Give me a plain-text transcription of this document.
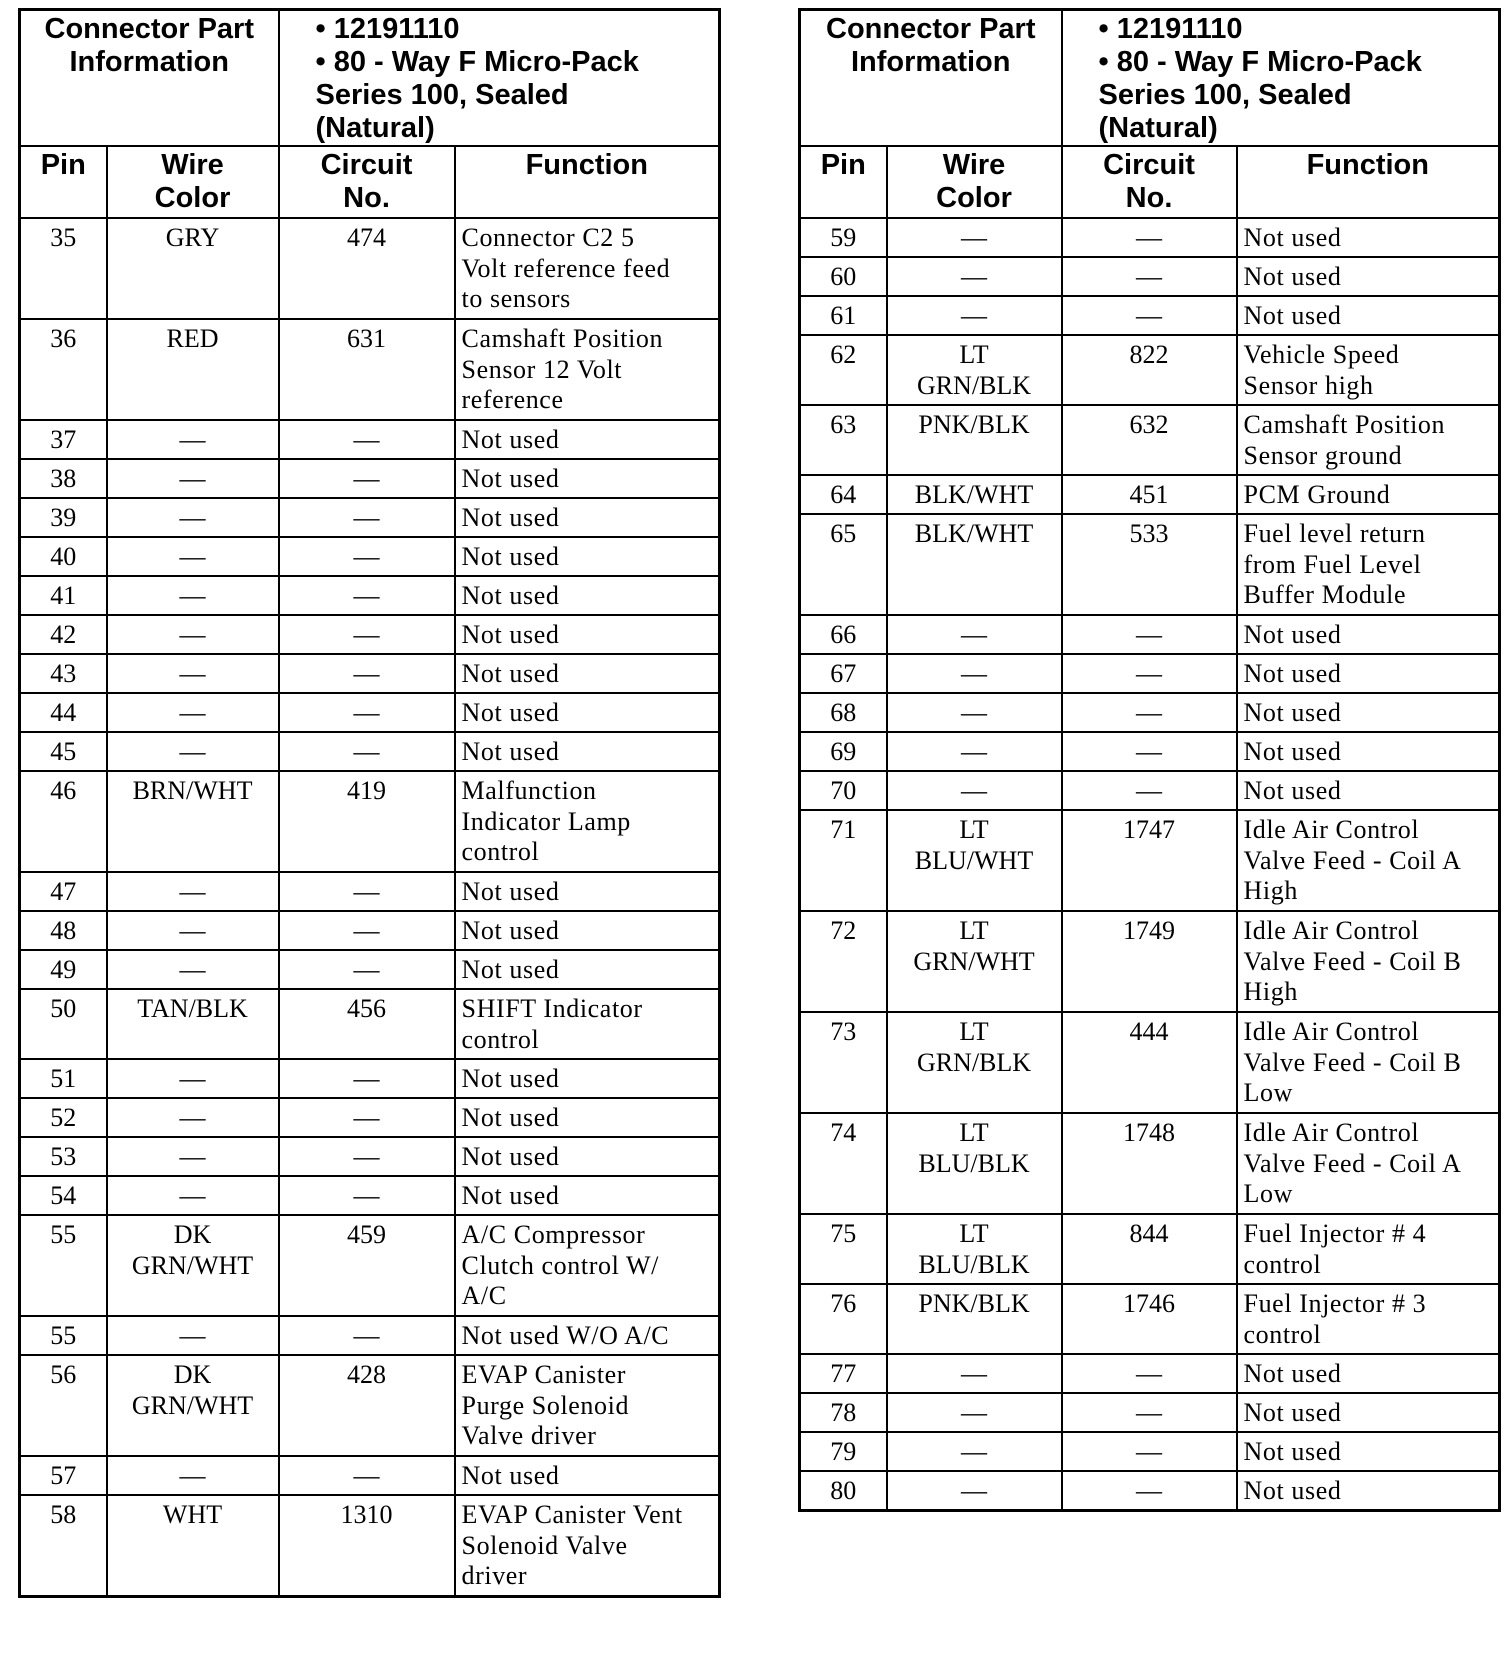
Connector Part
Information		• 12191110
• 80 - Way F Micro-Pack
Series 100, Sealed
(Natural)	

Pin	Wire
Color	Circuit
No.	Function

35	GRY	474	Connector C2 5
Volt reference feed
to sensors

36	RED	631	Camshaft Position
Sensor 12 Volt
reference

37	—	—	Not used

38	—	—	Not used

39	—	—	Not used

40	—	—	Not used

41	—	—	Not used

42	—	—	Not used

43	—	—	Not used

44	—	—	Not used

45	—	—	Not used

46	BRN/WHT	419	Malfunction
Indicator Lamp
control

47	—	—	Not used

48	—	—	Not used

49	—	—	Not used

50	TAN/BLK	456	SHIFT Indicator
control

51	—	—	Not used

52	—	—	Not used

53	—	—	Not used

54	—	—	Not used

55	DK
GRN/WHT	459	A/C Compressor
Clutch control W/
A/C

55	—	—	Not used W/O A/C

56	DK
GRN/WHT	428	EVAP Canister
Purge Solenoid
Valve driver

57	—	—	Not used

58	WHT	1310	EVAP Canister Vent
Solenoid Valve
driver
Connector Part
Information		• 12191110
• 80 - Way F Micro-Pack
Series 100, Sealed
(Natural)	

Pin	Wire
Color	Circuit
No.	Function

59	—	—	Not used

60	—	—	Not used

61	—	—	Not used

62	LT
GRN/BLK	822	Vehicle Speed
Sensor high

63	PNK/BLK	632	Camshaft Position
Sensor ground

64	BLK/WHT	451	PCM Ground

65	BLK/WHT	533	Fuel level return
from Fuel Level
Buffer Module

66	—	—	Not used

67	—	—	Not used

68	—	—	Not used

69	—	—	Not used

70	—	—	Not used

71	LT
BLU/WHT	1747	Idle Air Control
Valve Feed - Coil A
High

72	LT
GRN/WHT	1749	Idle Air Control
Valve Feed - Coil B
High

73	LT
GRN/BLK	444	Idle Air Control
Valve Feed - Coil B
Low

74	LT
BLU/BLK	1748	Idle Air Control
Valve Feed - Coil A
Low

75	LT
BLU/BLK	844	Fuel Injector # 4
control

76	PNK/BLK	1746	Fuel Injector # 3
control

77	—	—	Not used

78	—	—	Not used

79	—	—	Not used

80	—	—	Not used
